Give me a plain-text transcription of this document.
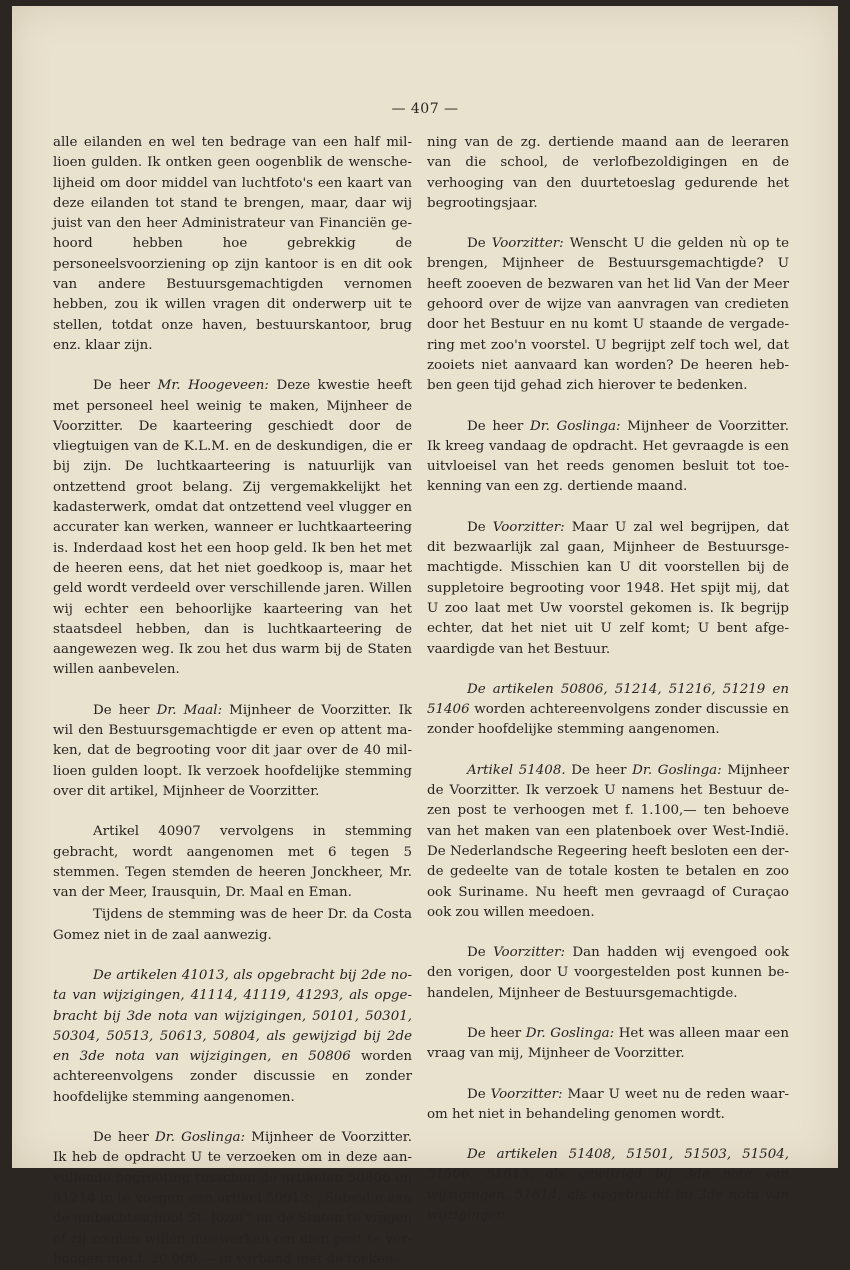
— 407 —

alle eilanden en wel ten bedrage van een half millioen gulden. Ik ontken geen oogenblik de wenschelijheid om door middel van luchtfoto's een kaart van deze eilanden tot stand te brengen, maar, daar wij juist van den heer Administrateur van Financiën gehoord hebben hoe gebrekkig de personeelsvoorziening op zijn kantoor is en dit ook van andere Bestuursgemachtigden vernomen hebben, zou ik willen vragen dit onderwerp uit te stellen, totdat onze haven, bestuurskantoor, brug enz. klaar zijn.

De heer Mr. Hoogeveen: Deze kwestie heeft met personeel heel weinig te maken, Mijnheer de Voorzitter. De kaarteering geschiedt door de vliegtuigen van de K.L.M. en de deskundigen, die er bij zijn. De luchtkaarteering is natuurlijk van ontzettend groot belang. Zij vergemakkelijkt het kadasterwerk, omdat dat ontzettend veel vlugger en accurater kan werken, wanneer er luchtkaarteering is. Inderdaad kost het een hoop geld. Ik ben het met de heeren eens, dat het niet goedkoop is, maar het geld wordt verdeeld over verschillende jaren. Willen wij echter een behoorlijke kaarteering van het staatsdeel hebben, dan is luchtkaarteering de aangewezen weg. Ik zou het dus warm bij de Staten willen aanbevelen.

De heer Dr. Maal: Mijnheer de Voorzitter. Ik wil den Bestuursgemachtigde er even op attent maken, dat de begrooting voor dit jaar over de 40 millioen gulden loopt. Ik verzoek hoofdelijke stemming over dit artikel, Mijnheer de Voorzitter.

Artikel 40907 vervolgens in stemming gebracht, wordt aangenomen met 6 tegen 5 stemmen. Tegen stemden de heeren Jonckheer, Mr. van der Meer, Irausquin, Dr. Maal en Eman.

Tijdens de stemming was de heer Dr. da Costa Gomez niet in de zaal aanwezig.

De artikelen 41013, als opgebracht bij 2de nota van wijzigingen, 41114, 41119, 41293, als opgebracht bij 3de nota van wijzigingen, 50101, 50301, 50304, 50513, 50613, 50804, als gewijzigd bij 2de en 3de nota van wijzigingen, en 50806 worden achtereenvolgens zonder discussie en zonder hoofdelijke stemming aangenomen.

De heer Dr. Goslinga: Mijnheer de Voorzitter. Ik heb de opdracht U te verzoeken om in deze aanvullende begrooting tusschen de artikelen 50806 en 51214 in te voegen een artikel 50913: „Subsidie aan de ambachtsschool St. Jozef” en de Staten te vragen of zij zouden willen meewerken om dien post te verhoogen met f. 20.000,— in verband met de toeken-

ning van de zg. dertiende maand aan de leeraren van die school, de verlofbezoldigingen en de verhooging van den duurtetoeslag gedurende het begrootingsjaar.

De Voorzitter: Wenscht U die gelden nù op te brengen, Mijnheer de Bestuursgemachtigde? U heeft zooeven de bezwaren van het lid Van der Meer gehoord over de wijze van aanvragen van credieten door het Bestuur en nu komt U staande de vergadering met zoo'n voorstel. U begrijpt zelf toch wel, dat zooiets niet aanvaard kan worden? De heeren hebben geen tijd gehad zich hierover te bedenken.

De heer Dr. Goslinga: Mijnheer de Voorzitter. Ik kreeg vandaag de opdracht. Het gevraagde is een uitvloeisel van het reeds genomen besluit tot toekenning van een zg. dertiende maand.

De Voorzitter: Maar U zal wel begrijpen, dat dit bezwaarlijk zal gaan, Mijnheer de Bestuursgemachtigde. Misschien kan U dit voorstellen bij de suppletoire begrooting voor 1948. Het spijt mij, dat U zoo laat met Uw voorstel gekomen is. Ik begrijp echter, dat het niet uit U zelf komt; U bent afgevaardigde van het Bestuur.

De artikelen 50806, 51214, 51216, 51219 en 51406 worden achtereenvolgens zonder discussie en zonder hoofdelijke stemming aangenomen.

Artikel 51408. De heer Dr. Goslinga: Mijnheer de Voorzitter. Ik verzoek U namens het Bestuur dezen post te verhoogen met f. 1.100,— ten behoeve van het maken van een platenboek over West-Indië. De Nederlandsche Regeering heeft besloten een derde gedeelte van de totale kosten te betalen en zoo ook Suriname. Nu heeft men gevraagd of Curaçao ook zou willen meedoen.

De Voorzitter: Dan hadden wij evengoed ook den vorigen, door U voorgestelden post kunnen behandelen, Mijnheer de Bestuursgemachtigde.

De heer Dr. Goslinga: Het was alleen maar een vraag van mij, Mijnheer de Voorzitter.

De Voorzitter: Maar U weet nu de reden waarom het niet in behandeling genomen wordt.

De artikelen 51408, 51501, 51503, 51504, 51506, 51613, als gewijzigd bij 3de nota van wijzigingen, 51614, als opgebracht bij 3de nota van wijzigingen,
